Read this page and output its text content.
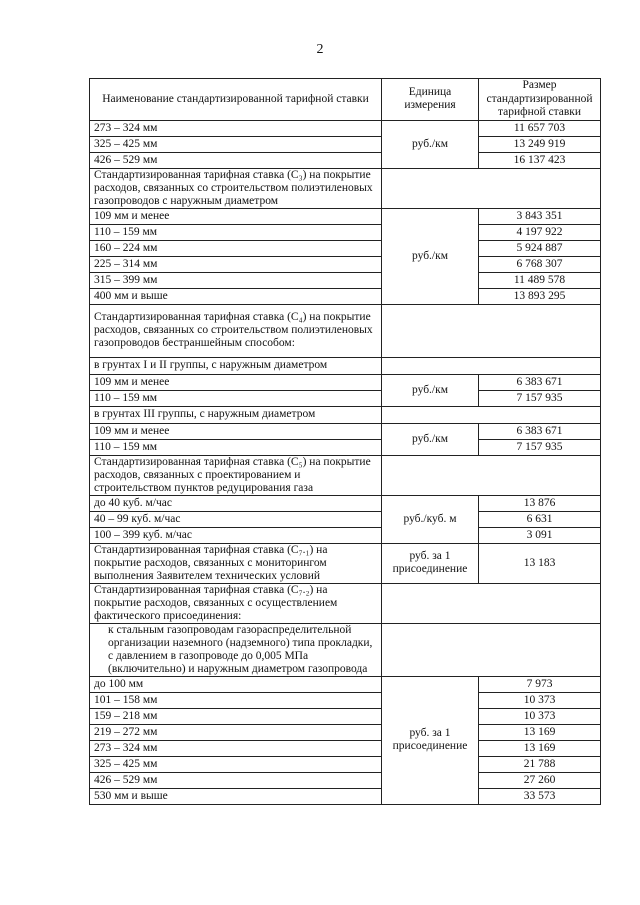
2
Наименование стандартизированной тарифной ставки	Единица измерения	Размер стандартизированной тарифной ставки
273 – 324 мм	руб./км	11 657 703
325 – 425 мм		13 249 919
426 – 529 мм		16 137 423
Стандартизированная тарифная ставка (С₃) на покрытие расходов, связанных со строительством полиэтиленовых газопроводов с наружным диаметром		
109 мм и менее	руб./км	3 843 351
110 – 159 мм		4 197 922
160 – 224 мм		5 924 887
225 – 314 мм		6 768 307
315 – 399 мм		11 489 578
400 мм и выше		13 893 295
Стандартизированная тарифная ставка (С₄) на покрытие расходов, связанных со строительством полиэтиленовых газопроводов бестраншейным способом:		
в грунтах I и II группы, с наружным диаметром		
109 мм и менее	руб./км	6 383 671
110 – 159 мм		7 157 935
в грунтах III группы, с наружным диаметром		
109 мм и менее	руб./км	6 383 671
110 – 159 мм		7 157 935
Стандартизированная тарифная ставка (С₅) на покрытие расходов, связанных с проектированием и строительством пунктов редуцирования газа		
до 40 куб. м/час	руб./куб. м	13 876
40 – 99 куб. м/час		6 631
100 – 399 куб. м/час		3 091
Стандартизированная тарифная ставка (С₇.₁) на покрытие расходов, связанных с мониторингом выполнения Заявителем технических условий	руб. за 1 присоединение	13 183
Стандартизированная тарифная ставка (С₇.₂) на покрытие расходов, связанных с осуществлением фактического присоединения:		
к стальным газопроводам газораспределительной организации наземного (надземного) типа прокладки, с давлением в газопроводе до 0,005 МПа (включительно) и наружным диаметром газопровода		
до 100 мм	руб. за 1 присоединение	7 973
101 – 158 мм		10 373
159 – 218 мм		10 373
219 – 272 мм		13 169
273 – 324 мм		13 169
325 – 425 мм		21 788
426 – 529 мм		27 260
530 мм и выше		33 573
